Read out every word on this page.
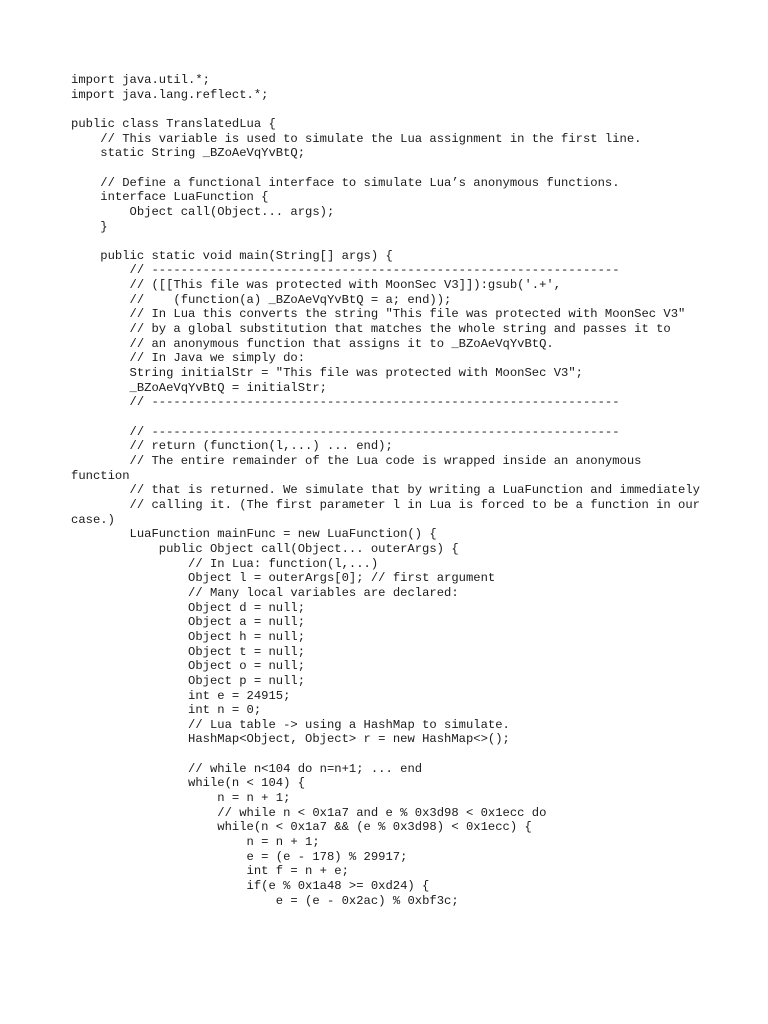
import java.util.*;
import java.lang.reflect.*;
public class TranslatedLua {
// This variable is used to simulate the Lua assignment in the first line.
static String _BZoAeVqYvBtQ;
// Define a functional interface to simulate Lua’s anonymous functions.
interface LuaFunction {
Object call(Object... args);
}
public static void main(String[] args) {
// ----------------------------------------------------------------
// ([[This file was protected with MoonSec V3]]):gsub('.+',
//    (function(a) _BZoAeVqYvBtQ = a; end));
// In Lua this converts the string "This file was protected with MoonSec V3"
// by a global substitution that matches the whole string and passes it to
// an anonymous function that assigns it to _BZoAeVqYvBtQ.
// In Java we simply do:
String initialStr = "This file was protected with MoonSec V3";
_BZoAeVqYvBtQ = initialStr;
// ----------------------------------------------------------------
// ----------------------------------------------------------------
// return (function(l,...) ... end);
// The entire remainder of the Lua code is wrapped inside an anonymous function
// that is returned. We simulate that by writing a LuaFunction and immediately
// calling it. (The first parameter l in Lua is forced to be a function in our case.)
LuaFunction mainFunc = new LuaFunction() {
public Object call(Object... outerArgs) {
// In Lua: function(l,...)
Object l = outerArgs[0]; // first argument
// Many local variables are declared:
Object d = null;
Object a = null;
Object h = null;
Object t = null;
Object o = null;
Object p = null;
int e = 24915;
int n = 0;
// Lua table -> using a HashMap to simulate.
HashMap<Object, Object> r = new HashMap<>();
// while n<104 do n=n+1; ... end
while(n < 104) {
n = n + 1;
// while n < 0x1a7 and e % 0x3d98 < 0x1ecc do
while(n < 0x1a7 && (e % 0x3d98) < 0x1ecc) {
n = n + 1;
e = (e - 178) % 29917;
int f = n + e;
if(e % 0x1a48 >= 0xd24) {
e = (e - 0x2ac) % 0xbf3c;
